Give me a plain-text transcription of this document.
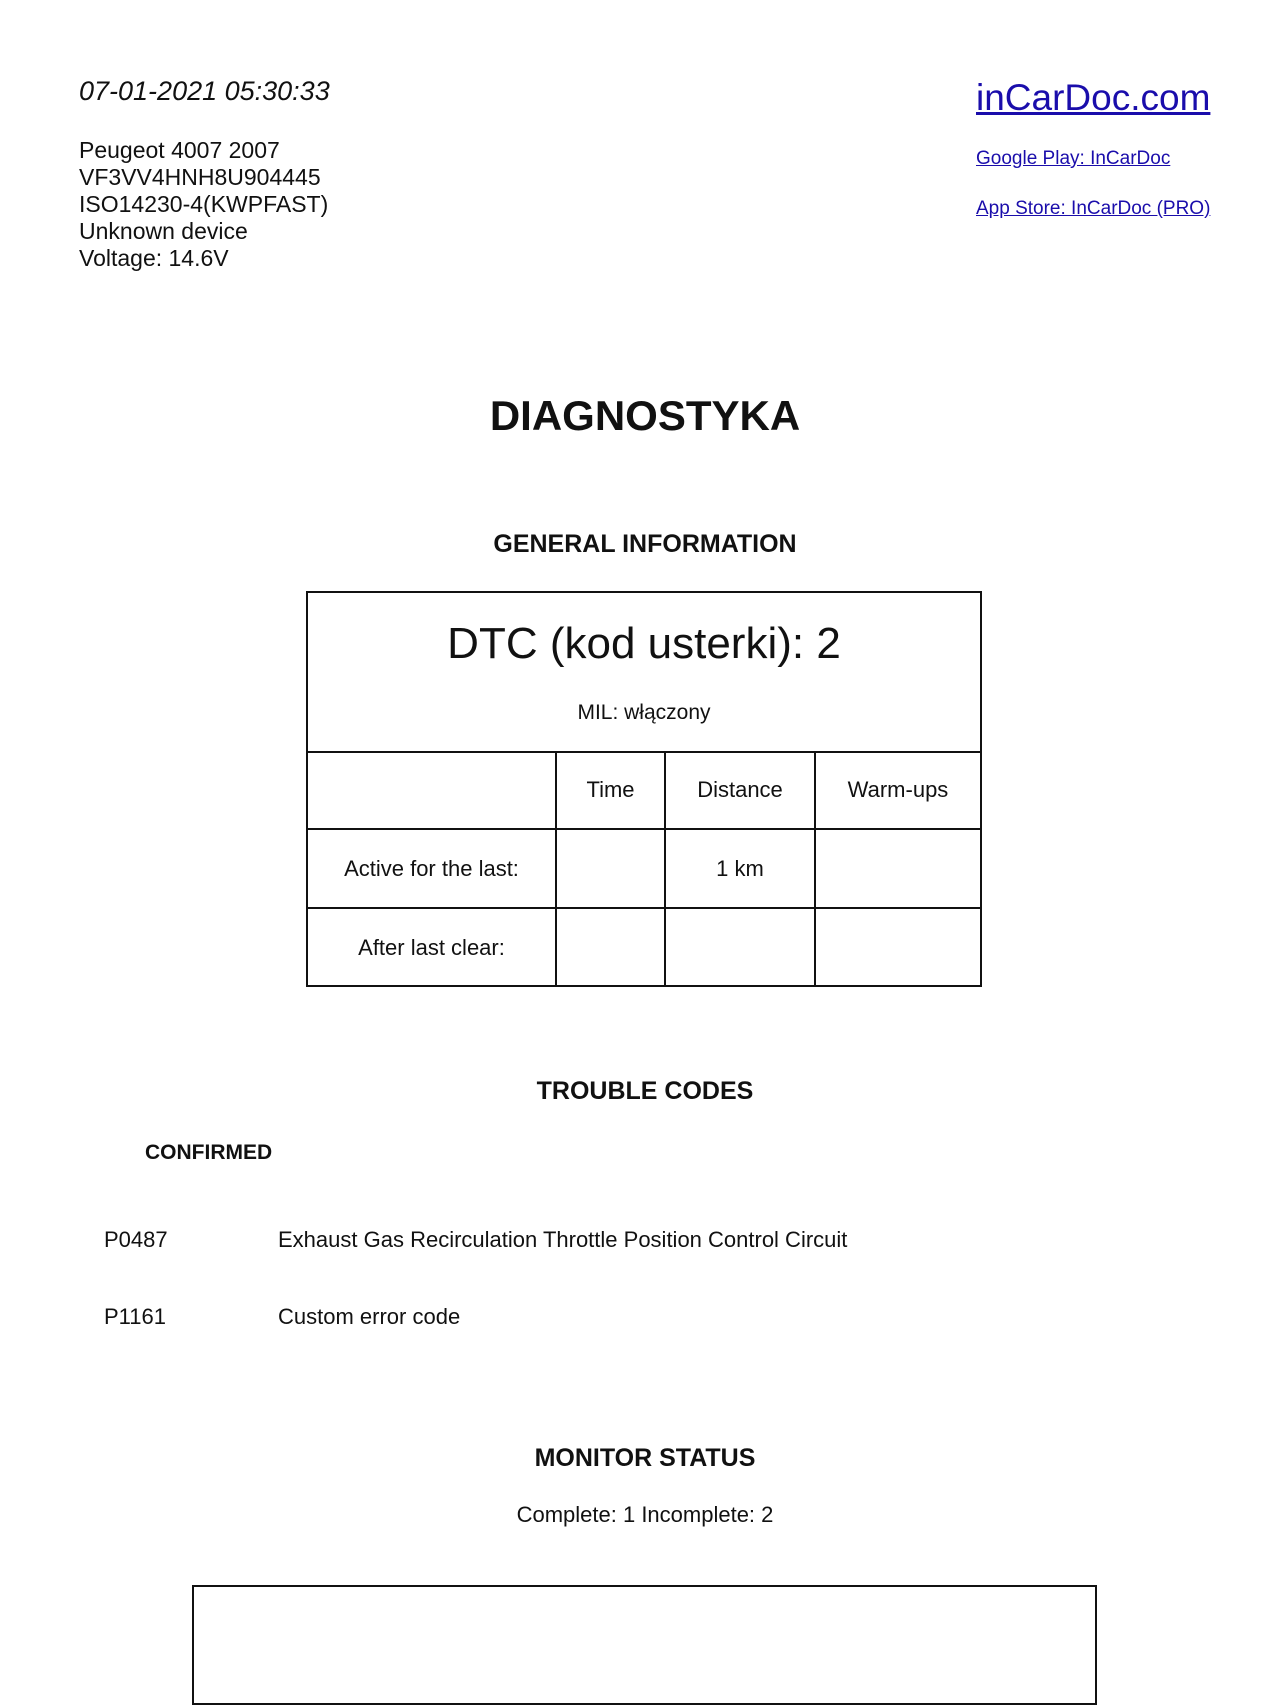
07-01-2021 05:30:33
Peugeot 4007 2007
VF3VV4HNH8U904445
ISO14230-4(KWPFAST)
Unknown device
Voltage: 14.6V
inCarDoc.com
Google Play: InCarDoc
App Store: InCarDoc (PRO)
DIAGNOSTYKA
GENERAL INFORMATION
DTC (kod usterki): 2
MIL: włączony
	Time	Distance	Warm-ups
Active for the last:		1 km	
After last clear:			
TROUBLE CODES
CONFIRMED
P0487	Exhaust Gas Recirculation Throttle Position Control Circuit
P1161	Custom error code
MONITOR STATUS
Complete: 1 Incomplete: 2
